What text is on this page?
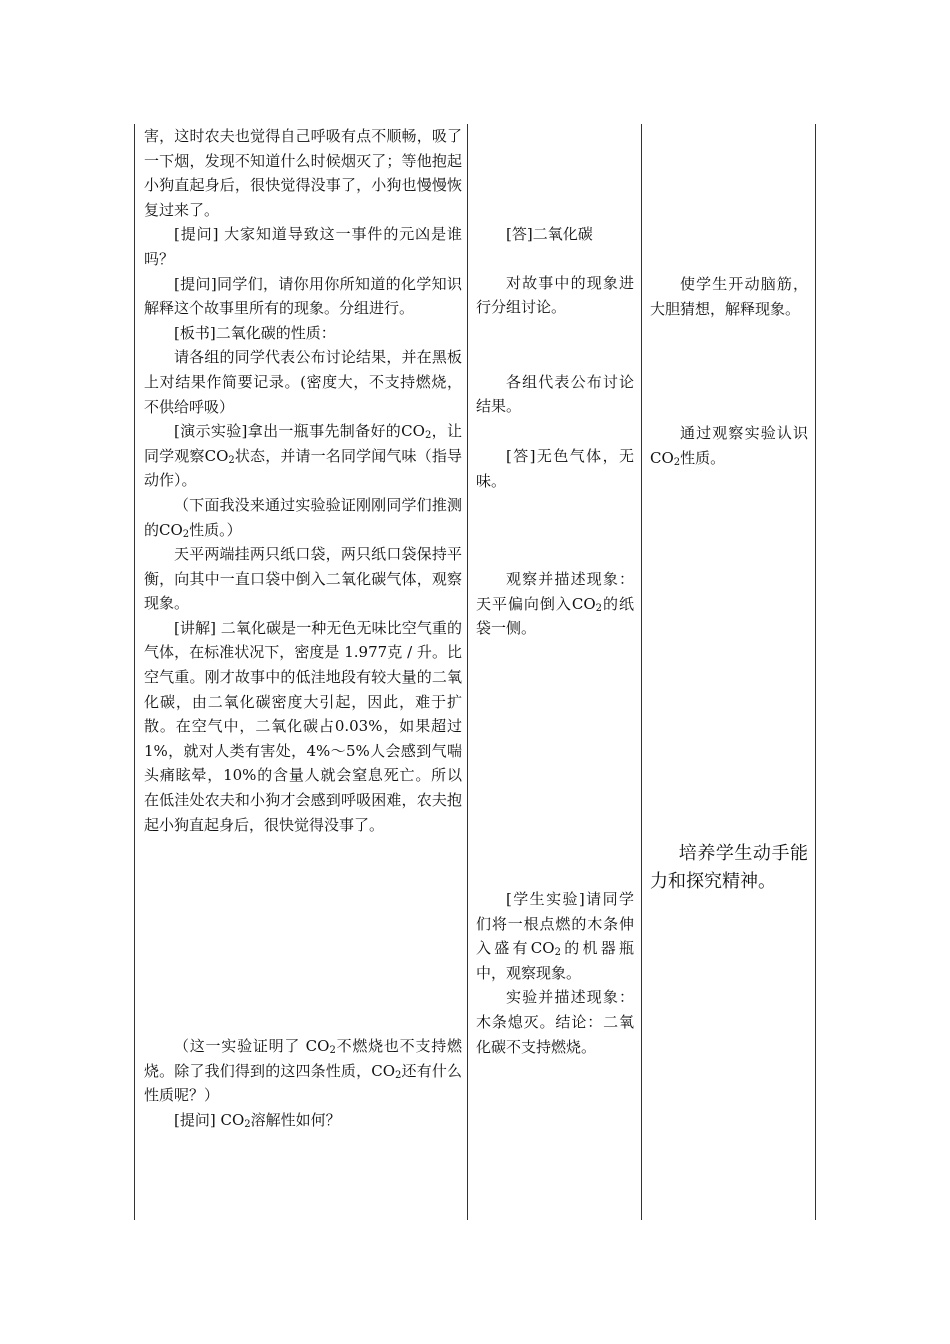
害，这时农夫也觉得自己呼吸有点不顺畅，吸了一下烟，发现不知道什么时候烟灭了；等他抱起小狗直起身后，很快觉得没事了，小狗也慢慢恢复过来了。

[提问] 大家知道导致这一事件的元凶是谁吗？

[提问]同学们，请你用你所知道的化学知识解释这个故事里所有的现象。分组进行。

[板书]二氧化碳的性质：

请各组的同学代表公布讨论结果，并在黑板上对结果作简要记录。(密度大，不支持燃烧，不供给呼吸）

[演示实验]拿出一瓶事先制备好的$CO_2$，让同学观察$CO_2$状态，并请一名同学闻气味（指导动作）。

（下面我没来通过实验验证刚刚同学们推测的$CO_2$性质。）

天平两端挂两只纸口袋，两只纸口袋保持平衡，向其中一直口袋中倒入二氧化碳气体，观察现象。

[讲解] 二氧化碳是一种无色无味比空气重的气体，在标准状况下，密度是 1.977克 / 升。比空气重。刚才故事中的低洼地段有较大量的二氧化碳，由二氧化碳密度大引起，因此，难于扩散。在空气中，二氧化碳占0.03%，如果超过 1%，就对人类有害处，4%～5%人会感到气喘头痛眩晕，10%的含量人就会窒息死亡。所以在低洼处农夫和小狗才会感到呼吸困难，农夫抱起小狗直起身后，很快觉得没事了。

（这一实验证明了 $CO_2$不燃烧也不支持燃烧。除了我们得到的这四条性质，$CO_2$还有什么性质呢？）

[提问] $CO_2$溶解性如何？

[答]二氧化碳

对故事中的现象进行分组讨论。

各组代表公布讨论结果。

[答]无色气体，无味。

观察并描述现象：天平偏向倒入$CO_2$的纸袋一侧。

[学生实验]请同学们将一根点燃的木条伸入盛有$CO_2$的机器瓶中，观察现象。

实验并描述现象：木条熄灭。结论：二氧化碳不支持燃烧。

使学生开动脑筋，大胆猜想，解释现象。

通过观察实验认识$CO_2$性质。

培养学生动手能力和探究精神。
